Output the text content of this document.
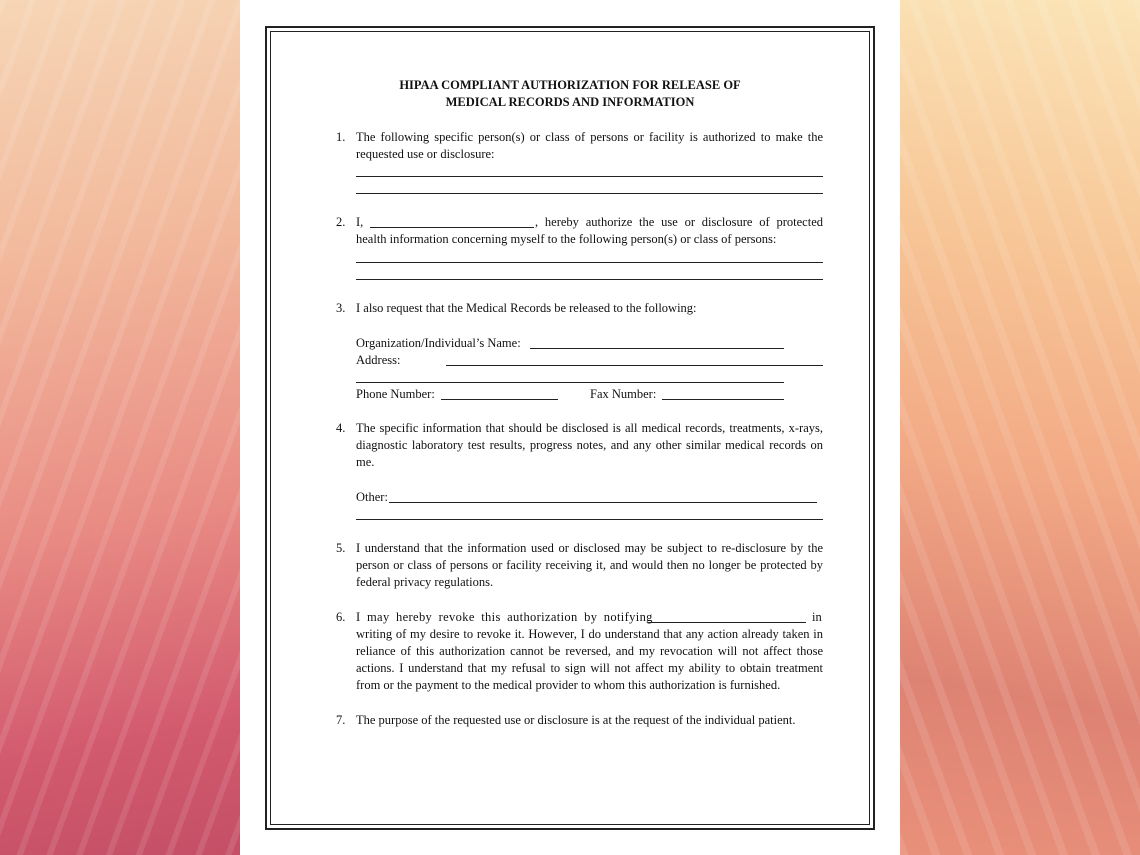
HIPAA COMPLIANT AUTHORIZATION FOR RELEASE OF
MEDICAL RECORDS AND INFORMATION
1. The following specific person(s) or class of persons or facility is authorized to make the requested use or disclosure:

2. I,	, hereby authorize the use or disclosure of protected health information concerning myself to the following person(s) or class of persons:

3. I also request that the Medical Records be released to the following:

Organization/Individual’s Name:
Address:
Phone Number:	Fax Number:
4. The specific information that should be disclosed is all medical records, treatments, x-rays, diagnostic laboratory test results, progress notes, and any other similar medical records on me.

Other:
5. I understand that the information used or disclosed may be subject to re-disclosure by the person or class of persons or facility receiving it, and would then no longer be protected by federal privacy regulations.

6. I may hereby revoke this authorization by notifying	in

writing of my desire to revoke it. However, I do understand that any action already taken in reliance of this authorization cannot be reversed, and my revocation will not affect those actions. I understand that my refusal to sign will not affect my ability to obtain treatment from or the payment to the medical provider to whom this authorization is furnished.

7. The purpose of the requested use or disclosure is at the request of the individual patient.
